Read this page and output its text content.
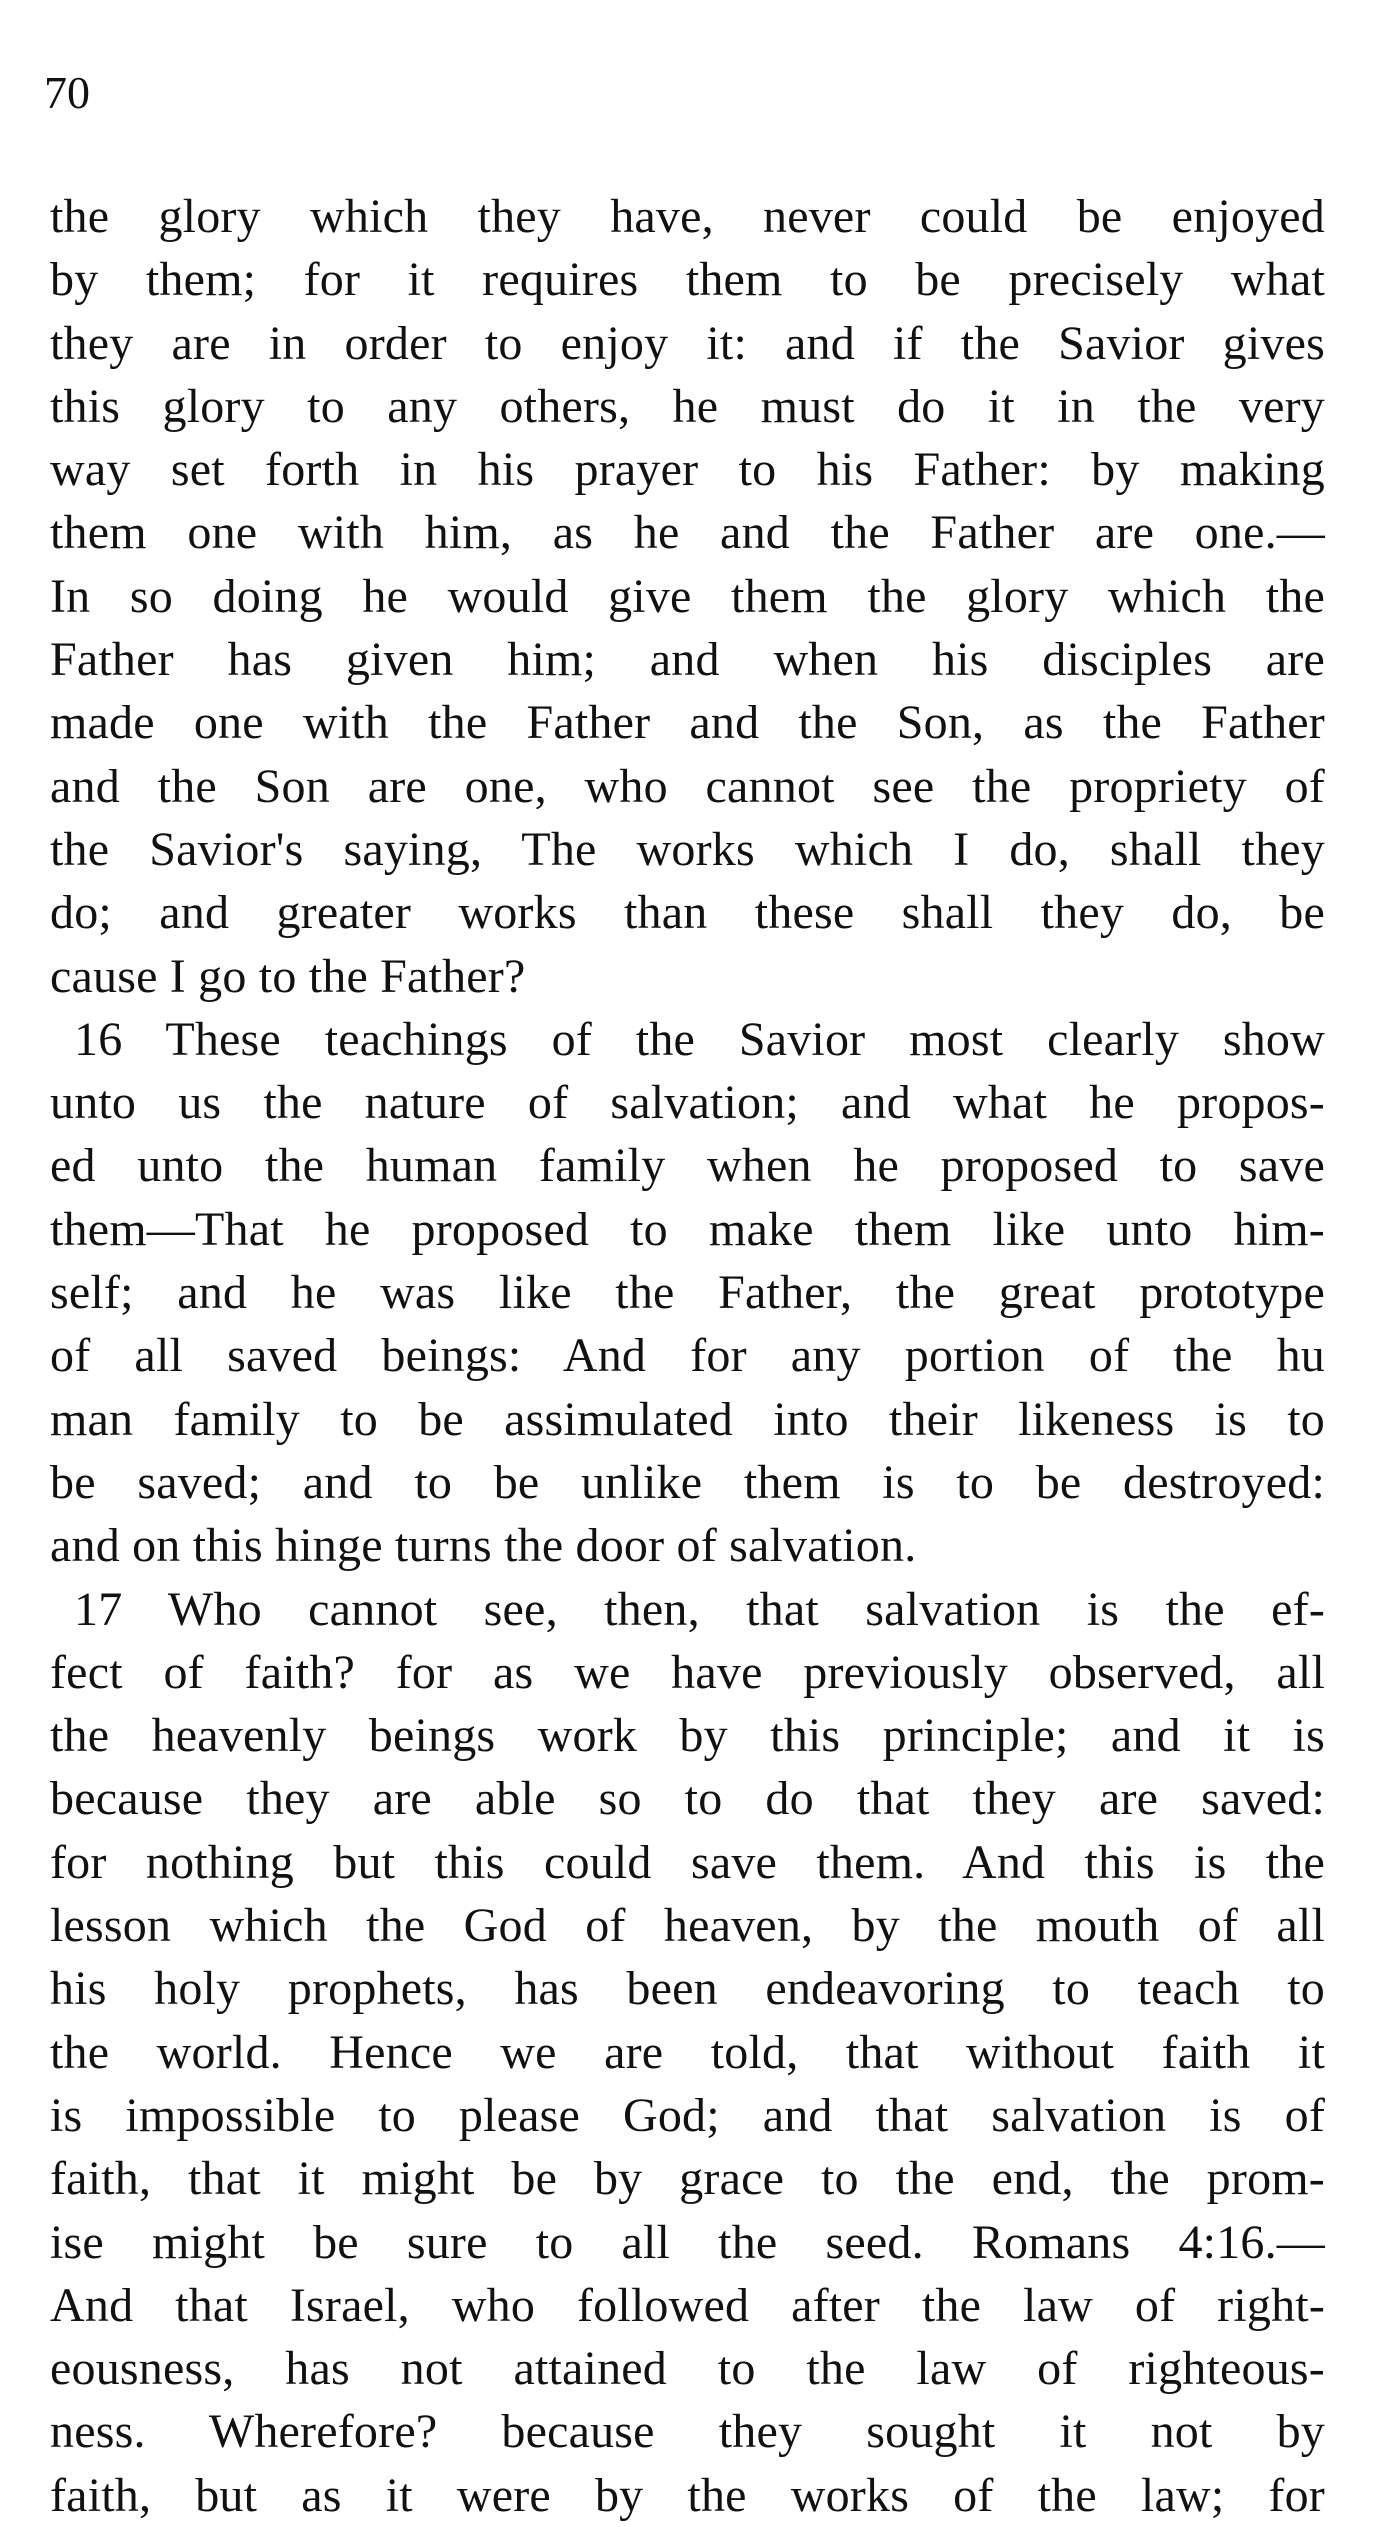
70
the glory which they have, never could be enjoyed
by them; for it requires them to be precisely what
they are in order to enjoy it: and if the Savior gives
this glory to any others, he must do it in the very
way set forth in his prayer to his Father: by making
them one with him, as he and the Father are one.—
In so doing he would give them the glory which the
Father has given him; and when his disciples are
made one with the Father and the Son, as the Father
and the Son are one, who cannot see the propriety of
the Savior's saying, The works which I do, shall they
do; and greater works than these shall they do, be
cause I go to the Father?
16 These teachings of the Savior most clearly show
unto us the nature of salvation; and what he propos-
ed unto the human family when he proposed to save
them—That he proposed to make them like unto him-
self; and he was like the Father, the great prototype
of all saved beings: And for any portion of the hu
man family to be assimulated into their likeness is to
be saved; and to be unlike them is to be destroyed:
and on this hinge turns the door of salvation.
17 Who cannot see, then, that salvation is the ef-
fect of faith? for as we have previously observed, all
the heavenly beings work by this principle; and it is
because they are able so to do that they are saved:
for nothing but this could save them. And this is the
lesson which the God of heaven, by the mouth of all
his holy prophets, has been endeavoring to teach to
the world. Hence we are told, that without faith it
is impossible to please God; and that salvation is of
faith, that it might be by grace to the end, the prom-
ise might be sure to all the seed. Romans 4:16.—
And that Israel, who followed after the law of right-
eousness, has not attained to the law of righteous-
ness. Wherefore? because they sought it not by
faith, but as it were by the works of the law; for
